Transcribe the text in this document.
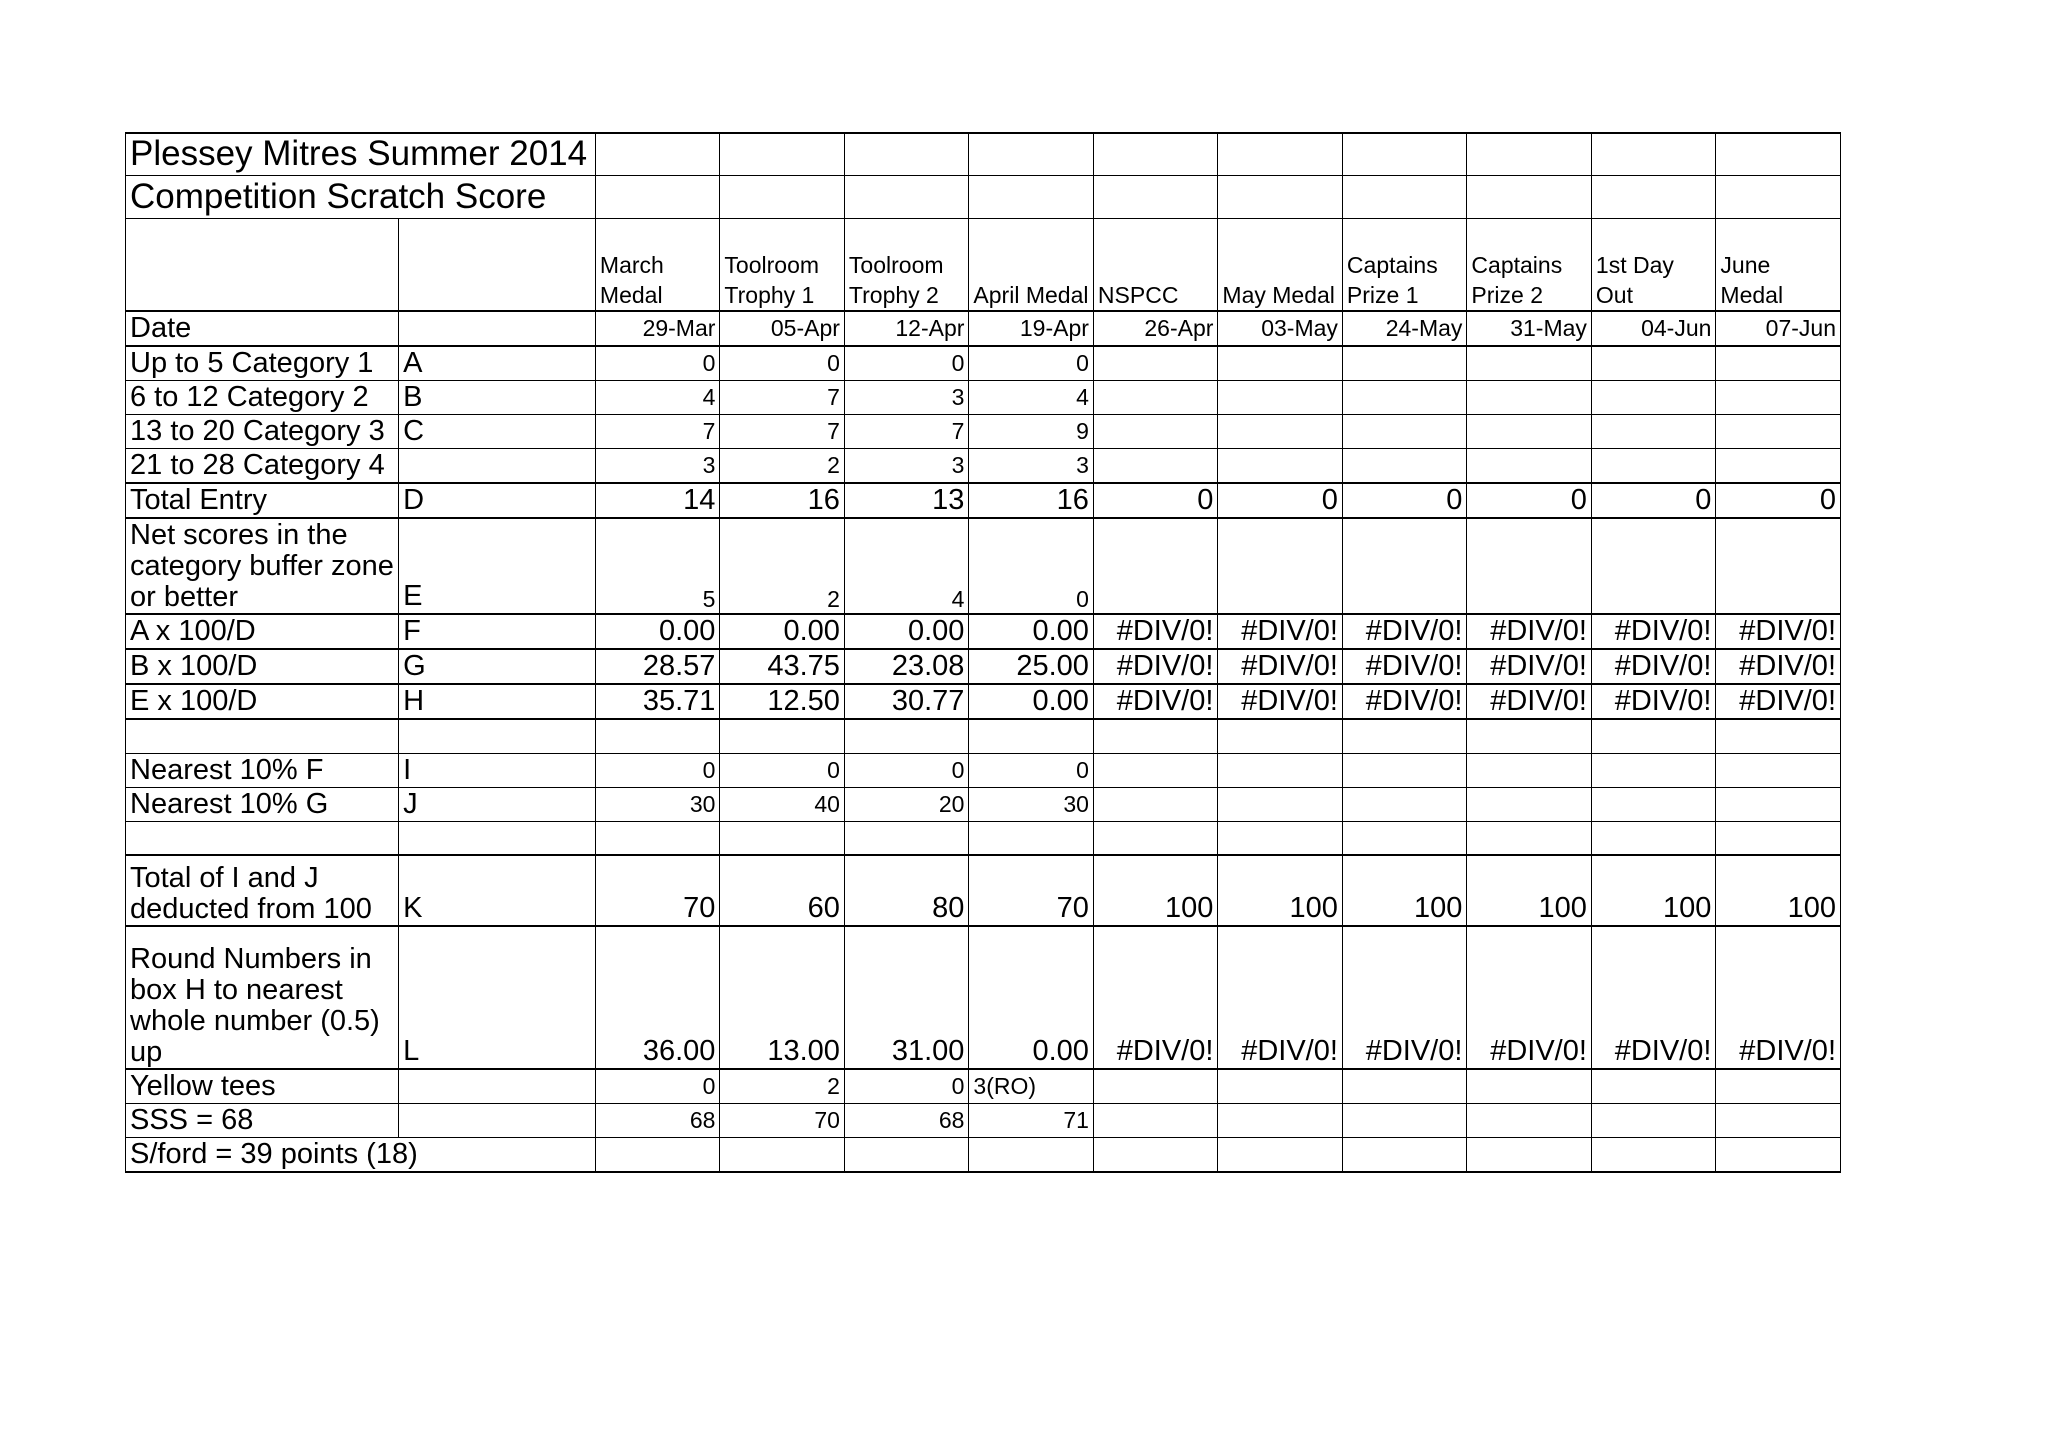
Plessey Mitres Summer 2014											
Competition Scratch Score											
		March Medal	Toolroom Trophy 1	Toolroom Trophy 2	April Medal	NSPCC	May Medal	Captains Prize 1	Captains Prize 2	1st Day Out	June Medal
Date		29-Mar	05-Apr	12-Apr	19-Apr	26-Apr	03-May	24-May	31-May	04-Jun	07-Jun
Up to 5 Category 1	A	0	0	0	0						
6 to 12 Category 2	B	4	7	3	4						
13 to 20 Category 3	C	7	7	7	9						
21 to 28 Category 4		3	2	3	3						
Total Entry	D	14	16	13	16	0	0	0	0	0	0
Net scores in the category buffer zone or better	E	5	2	4	0						
A x 100/D	F	0.00	0.00	0.00	0.00	#DIV/0!	#DIV/0!	#DIV/0!	#DIV/0!	#DIV/0!	#DIV/0!
B x 100/D	G	28.57	43.75	23.08	25.00	#DIV/0!	#DIV/0!	#DIV/0!	#DIV/0!	#DIV/0!	#DIV/0!
E x 100/D	H	35.71	12.50	30.77	0.00	#DIV/0!	#DIV/0!	#DIV/0!	#DIV/0!	#DIV/0!	#DIV/0!

Nearest 10% F	I	0	0	0	0						
Nearest 10% G	J	30	40	20	30						

Total of I and J deducted from 100	K	70	60	80	70	100	100	100	100	100	100
Round Numbers in box H to nearest whole number (0.5) up	L	36.00	13.00	31.00	0.00	#DIV/0!	#DIV/0!	#DIV/0!	#DIV/0!	#DIV/0!	#DIV/0!
Yellow tees		0	2	0	3(RO)						
SSS = 68		68	70	68	71						
S/ford = 39 points (18)											
